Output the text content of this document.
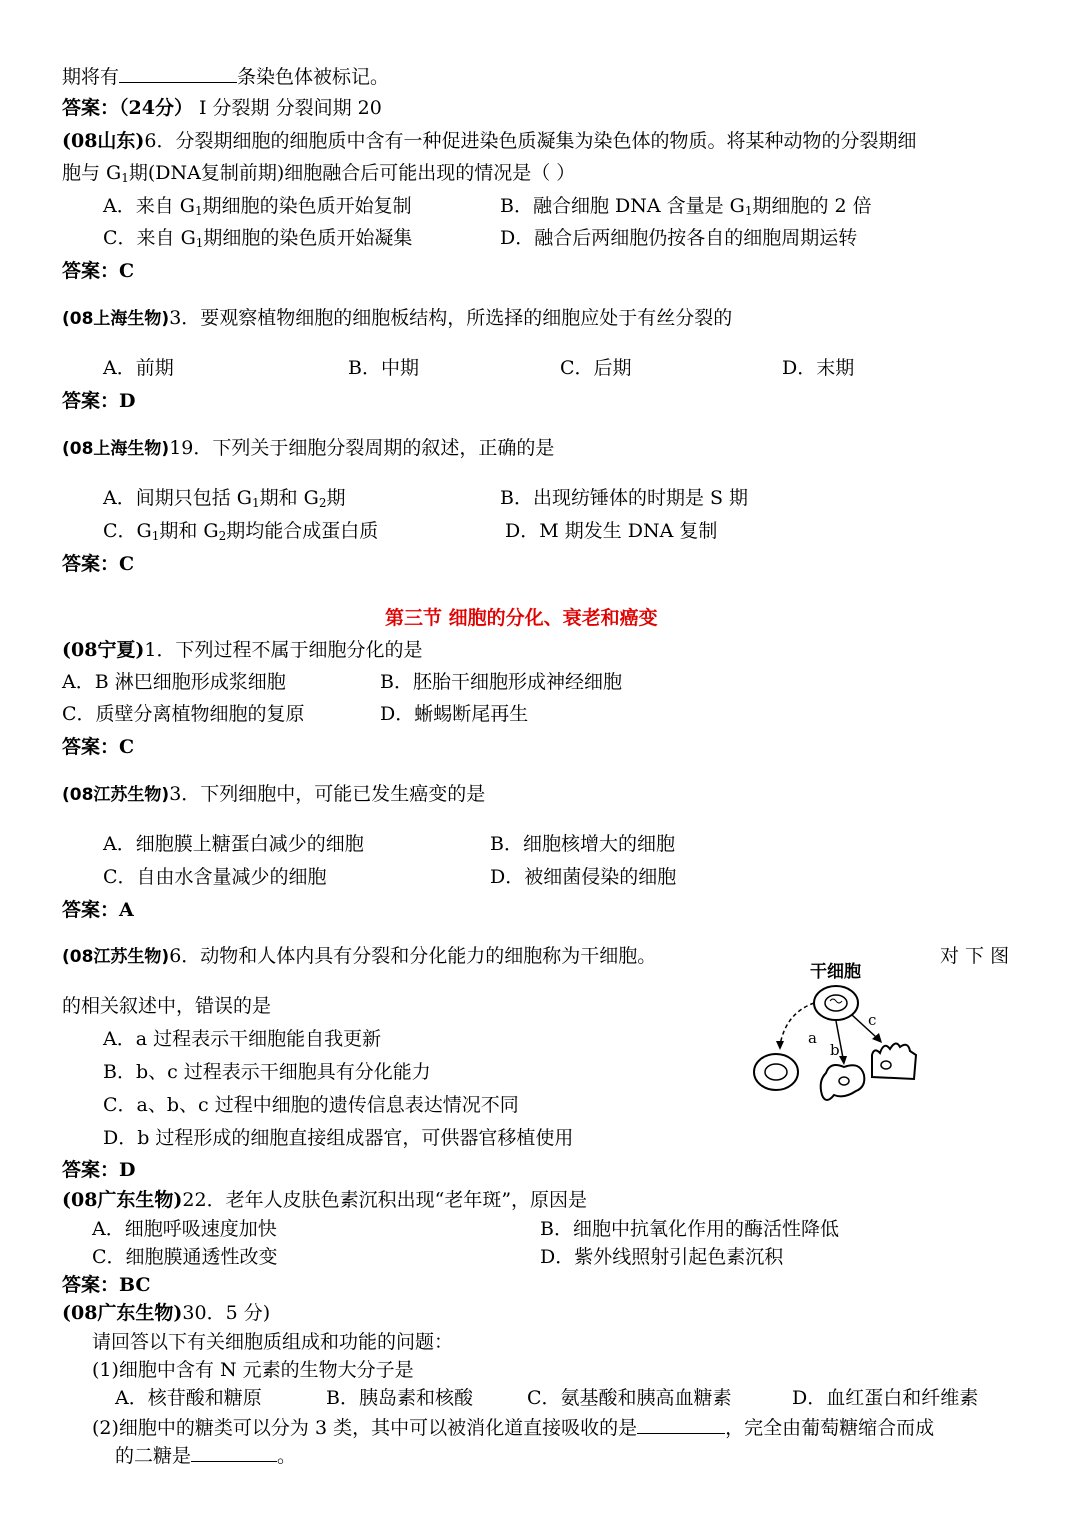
期将有	条染色体被标记。
答案：（24分） Ⅰ 分裂期 分裂间期 20
(08山东)6．分裂期细胞的细胞质中含有一种促进染色质凝集为染色体的物质。将某种动物的分裂期细
胞与 $G_1$期(DNA复制前期)细胞融合后可能出现的情况是（ ）
A．来自 $G_1$期细胞的染色质开始复制	B．融合细胞 DNA 含量是 $G_1$期细胞的 2 倍
C．来自 $G_1$期细胞的染色质开始凝集	D．融合后两细胞仍按各自的细胞周期运转
答案：C
(08上海生物)3．要观察植物细胞的细胞板结构，所选择的细胞应处于有丝分裂的
A．前期	B．中期	C．后期	D．末期
答案：D
(08上海生物)19．下列关于细胞分裂周期的叙述，正确的是
A．间期只包括 $G_1$期和 $G_2$期	B．出现纺锤体的时期是 S 期
C．$G_1$期和 $G_2$期均能合成蛋白质	D．M 期发生 DNA 复制
答案：C
第三节 细胞的分化、衰老和癌变
(08宁夏)1．下列过程不属于细胞分化的是
A．B 淋巴细胞形成浆细胞	B．胚胎干细胞形成神经细胞
C．质壁分离植物细胞的复原	D．蜥蜴断尾再生
答案：C
(08江苏生物)3．下列细胞中，可能已发生癌变的是
A．细胞膜上糖蛋白减少的细胞	B．细胞核增大的细胞
C．自由水含量减少的细胞	D．被细菌侵染的细胞
答案：A
(08江苏生物)6．动物和人体内具有分裂和分化能力的细胞称为干细胞。	对 下 图
的相关叙述中，错误的是
A．a 过程表示干细胞能自我更新
B．b、c 过程表示干细胞具有分化能力
C．a、b、c 过程中细胞的遗传信息表达情况不同
D．b 过程形成的细胞直接组成器官，可供器官移植使用
答案：D
干细胞
a
b
c
(08广东生物)22．老年人皮肤色素沉积出现“老年斑”，原因是
A．细胞呼吸速度加快	B．细胞中抗氧化作用的酶活性降低
C．细胞膜通透性改变	D．紫外线照射引起色素沉积
答案：BC
(08广东生物)30．5 分)
请回答以下有关细胞质组成和功能的问题：
(1)细胞中含有 N 元素的生物大分子是
A．核苷酸和糖原	B．胰岛素和核酸	C．氨基酸和胰高血糖素	D．血红蛋白和纤维素
(2)细胞中的糖类可以分为 3 类，其中可以被消化道直接吸收的是	，完全由葡萄糖缩合而成
的二糖是	。
